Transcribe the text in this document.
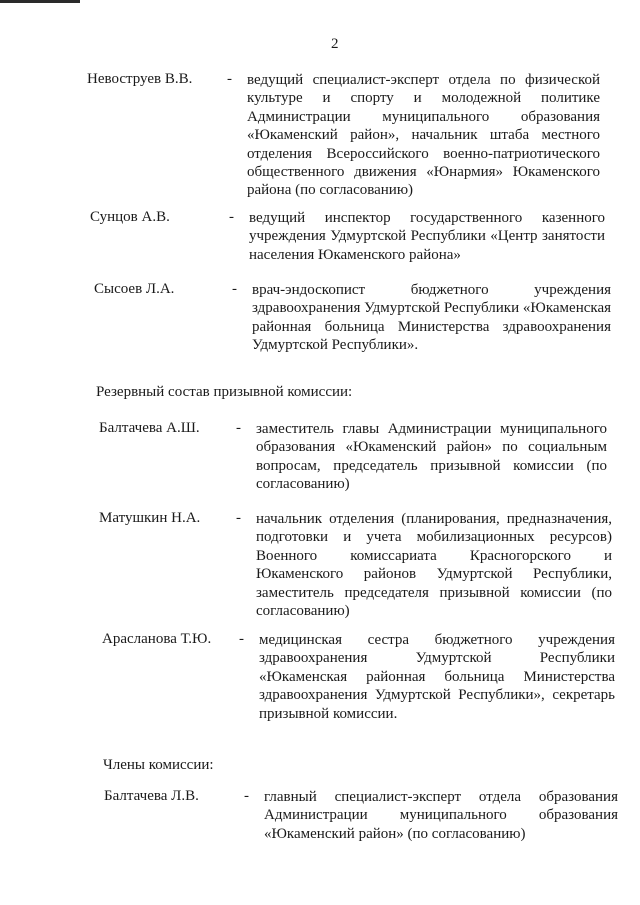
2
Невоструев В.В. - ведущий специалист-эксперт отдела по физической культуре и спорту и молодежной политике Администрации муниципального образования «Юкаменский район», начальник штаба местного отделения Всероссийского военно-патриотического общественного движения «Юнармия» Юкаменского района (по согласованию)
Сунцов А.В.	- ведущий инспектор государственного казенного учреждения Удмуртской Республики «Центр занятости населения Юкаменского района»
Сысоев Л.А.	- врач-эндоскопист бюджетного учреждения здравоохранения Удмуртской Республики «Юкаменская районная больница Министерства здравоохранения Удмуртской Республики».
Резервный состав призывной комиссии:
Балтачева А.Ш. - заместитель главы Администрации муниципального образования «Юкаменский район» по социальным вопросам, председатель призывной комиссии (по согласованию)
Матушкин Н.А. - начальник отделения (планирования, предназначения, подготовки и учета мобилизационных ресурсов) Военного комиссариата Красногорского и Юкаменского районов Удмуртской Республики, заместитель председателя призывной комиссии (по согласованию)
Арасланова Т.Ю. - медицинская сестра бюджетного учреждения здравоохранения Удмуртской Республики «Юкаменская районная больница Министерства здравоохранения Удмуртской Республики», секретарь призывной комиссии.
Члены комиссии:
Балтачева Л.В.	- главный специалист-эксперт отдела образования Администрации муниципального образования «Юкаменский район» (по согласованию)
